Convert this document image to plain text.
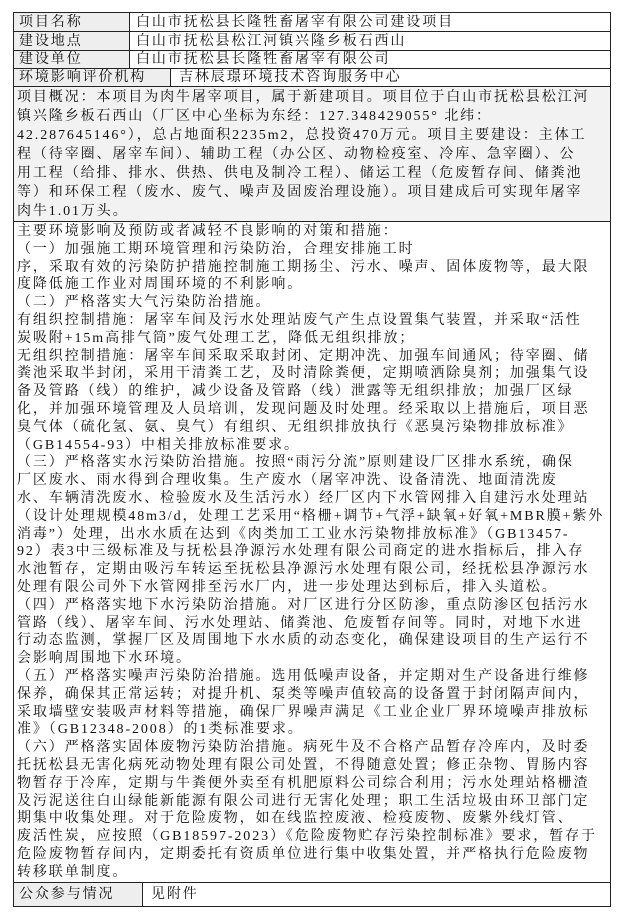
项目名称	白山市抚松县长隆牲畜屠宰有限公司建设项目
建设地点	白山市抚松县松江河镇兴隆乡板石西山
建设单位	白山市抚松县长隆牲畜屠宰有限公司
环境影响评价机构	吉林辰璟环境技术咨询服务中心
项目概况：本项目为肉牛屠宰项目，属于新建项目。项目位于白山市抚松县松江河
镇兴隆乡板石西山（厂区中心坐标为东经：127.348429055° 北纬：
42.287645146°），总占地面积2235m2，总投资470万元。项目主要建设：主体工
程（待宰圈、屠宰车间）、辅助工程（办公区、动物检疫室、冷库、急宰圈）、公
用工程（给排、排水、供热、供电及制冷工程）、储运工程（危废暂存间、储粪池
等）和环保工程（废水、废气、噪声及固废治理设施）。项目建成后可实现年屠宰
肉牛1.01万头。
主要环境影响及预防或者减轻不良影响的对策和措施：
（一）加强施工期环境管理和污染防治，合理安排施工时
序，采取有效的污染防护措施控制施工期扬尘、污水、噪声、固体废物等，最大限
度降低施工作业对周围环境的不利影响。
（二）严格落实大气污染防治措施。
有组织控制措施：屠宰车间及污水处理站废气产生点设置集气装置，并采取“活性
炭吸附+15m高排气筒”废气处理工艺，降低无组织排放；
无组织控制措施：屠宰车间采取采取封闭、定期冲洗、加强车间通风；待宰圈、储
粪池采取半封闭，采用干清粪工艺，及时清除粪便，定期喷洒除臭剂；加强集气设
备及管路（线）的维护，减少设备及管路（线）泄露等无组织排放；加强厂区绿
化，并加强环境管理及人员培训，发现问题及时处理。经采取以上措施后，项目恶
臭气体（硫化氢、氨、臭气）有组织、无组织排放执行《恶臭污染物排放标准》
（GB14554-93）中相关排放标准要求。
（三）严格落实水污染防治措施。按照“雨污分流”原则建设厂区排水系统，确保
厂区废水、雨水得到合理收集。生产废水（屠宰冲洗、设备清洗、地面清洗废
水、车辆清洗废水、检验废水及生活污水）经厂区内下水管网排入自建污水处理站
（设计处理规模48m3/d，处理工艺采用“格栅+调节+气浮+缺氧+好氧+MBR膜+紫外
消毒”）处理，出水水质在达到《肉类加工工业水污染物排放标准》（GB13457-
92）表3中三级标准及与抚松县净源污水处理有限公司商定的进水指标后，排入存
水池暂存，定期由吸污车转运至抚松县净源污水处理有限公司，经抚松县净源污水
处理有限公司外下水管网排至污水厂内，进一步处理达到标后，排入头道松。
（四）严格落实地下水污染防治措施。对厂区进行分区防渗，重点防渗区包括污水
管路（线）、屠宰车间、污水处理站、储粪池、危废暂存间等。同时，对地下水进
行动态监测，掌握厂区及周围地下水水质的动态变化，确保建设项目的生产运行不
会影响周围地下水环境。
（五）严格落实噪声污染防治措施。选用低噪声设备，并定期对生产设备进行维修
保养，确保其正常运转；对提升机、泵类等噪声值较高的设备置于封闭隔声间内，
采取墙壁安装吸声材料等措施，确保厂界噪声满足《工业企业厂界环境噪声排放标
准》（GB12348-2008）的1类标准要求。
（六）严格落实固体废物污染防治措施。病死牛及不合格产品暂存冷库内，及时委
托抚松县无害化病死动物处理有限公司处置，不得随意处置；修正杂物、胃肠内容
物暂存于冷库，定期与牛粪便外卖至有机肥原料公司综合利用；污水处理站格栅渣
及污泥送往白山绿能新能源有限公司进行无害化处理；职工生活垃圾由环卫部门定
期集中收集处理。对于危险废物，如在线监控废液、检疫废物、废紫外线灯管、
废活性炭，应按照（GB18597-2023）《危险废物贮存污染控制标准》要求，暂存于
危险废物暂存间内，定期委托有资质单位进行集中收集处置，并严格执行危险废物
转移联单制度。
公众参与情况	见附件
